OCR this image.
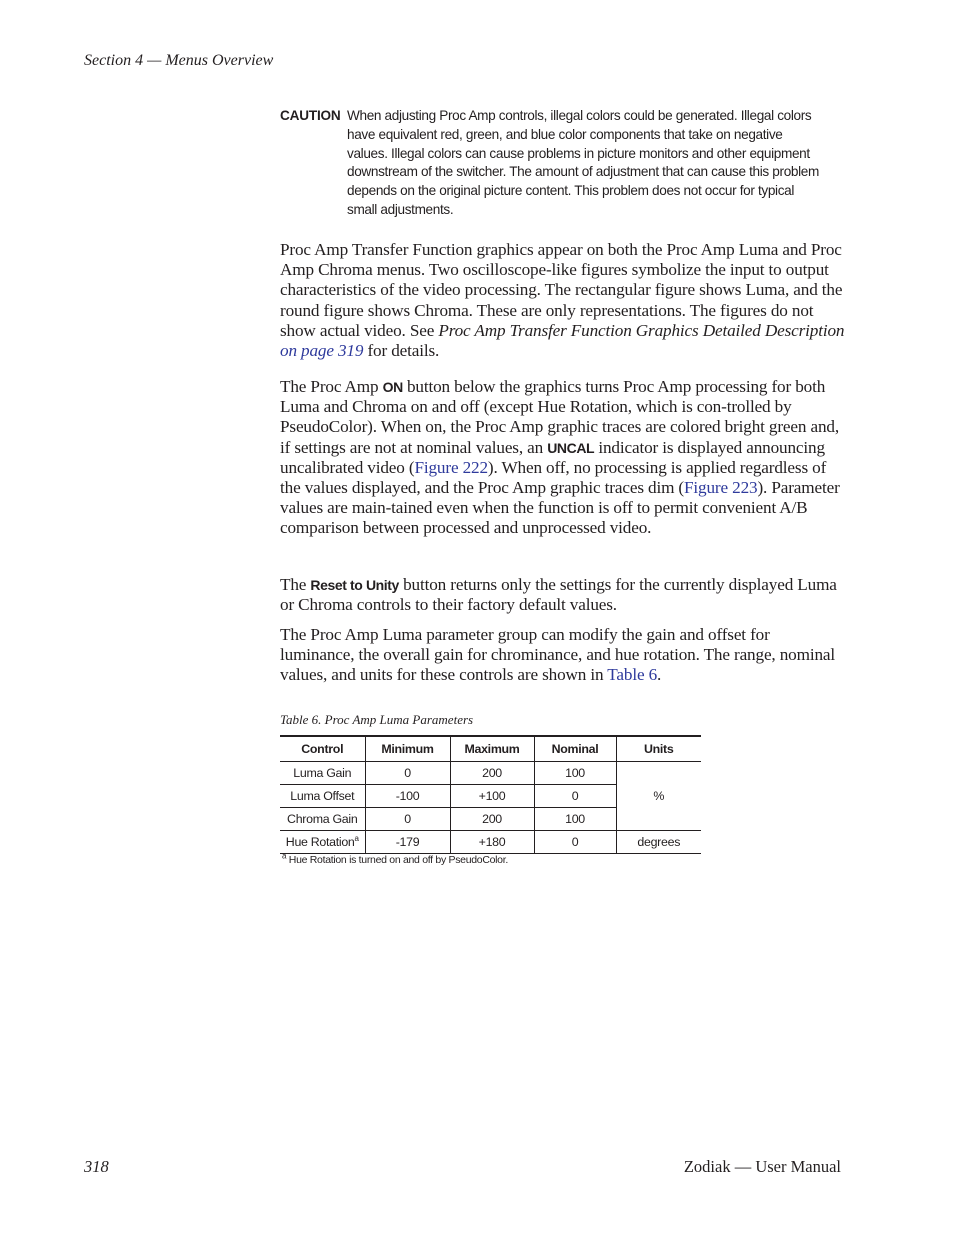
Section 4 — Menus Overview
CAUTION When adjusting Proc Amp controls, illegal colors could be generated. Illegal colors have equivalent red, green, and blue color components that take on negative values. Illegal colors can cause problems in picture monitors and other equipment downstream of the switcher. The amount of adjustment that can cause this problem depends on the original picture content. This problem does not occur for typical small adjustments.

Proc Amp Transfer Function graphics appear on both the Proc Amp Luma and Proc Amp Chroma menus. Two oscilloscope-like figures symbolize the input to output characteristics of the video processing. The rectangular figure shows Luma, and the round figure shows Chroma. These are only representations. The figures do not show actual video. See Proc Amp Transfer Function Graphics Detailed Description on page 319 for details.

The Proc Amp ON button below the graphics turns Proc Amp processing for both Luma and Chroma on and off (except Hue Rotation, which is con-trolled by PseudoColor). When on, the Proc Amp graphic traces are colored bright green and, if settings are not at nominal values, an UNCAL indicator is displayed announcing uncalibrated video (Figure 222). When off, no processing is applied regardless of the values displayed, and the Proc Amp graphic traces dim (Figure 223). Parameter values are main-tained even when the function is off to permit convenient A/B comparison between processed and unprocessed video.

The Reset to Unity button returns only the settings for the currently displayed Luma or Chroma controls to their factory default values.

The Proc Amp Luma parameter group can modify the gain and offset for luminance, the overall gain for chrominance, and hue rotation. The range, nominal values, and units for these controls are shown in Table 6.

Table 6. Proc Amp Luma Parameters
Control	Minimum	Maximum	Nominal	Units
Luma Gain	0	200	100	%
Luma Offset	-100	+100	0	
Chroma Gain	0	200	100	
Hue Rotation$^a$	-179	+180	0	degrees
$^a$ Hue Rotation is turned on and off by PseudoColor.
318	Zodiak — User Manual
